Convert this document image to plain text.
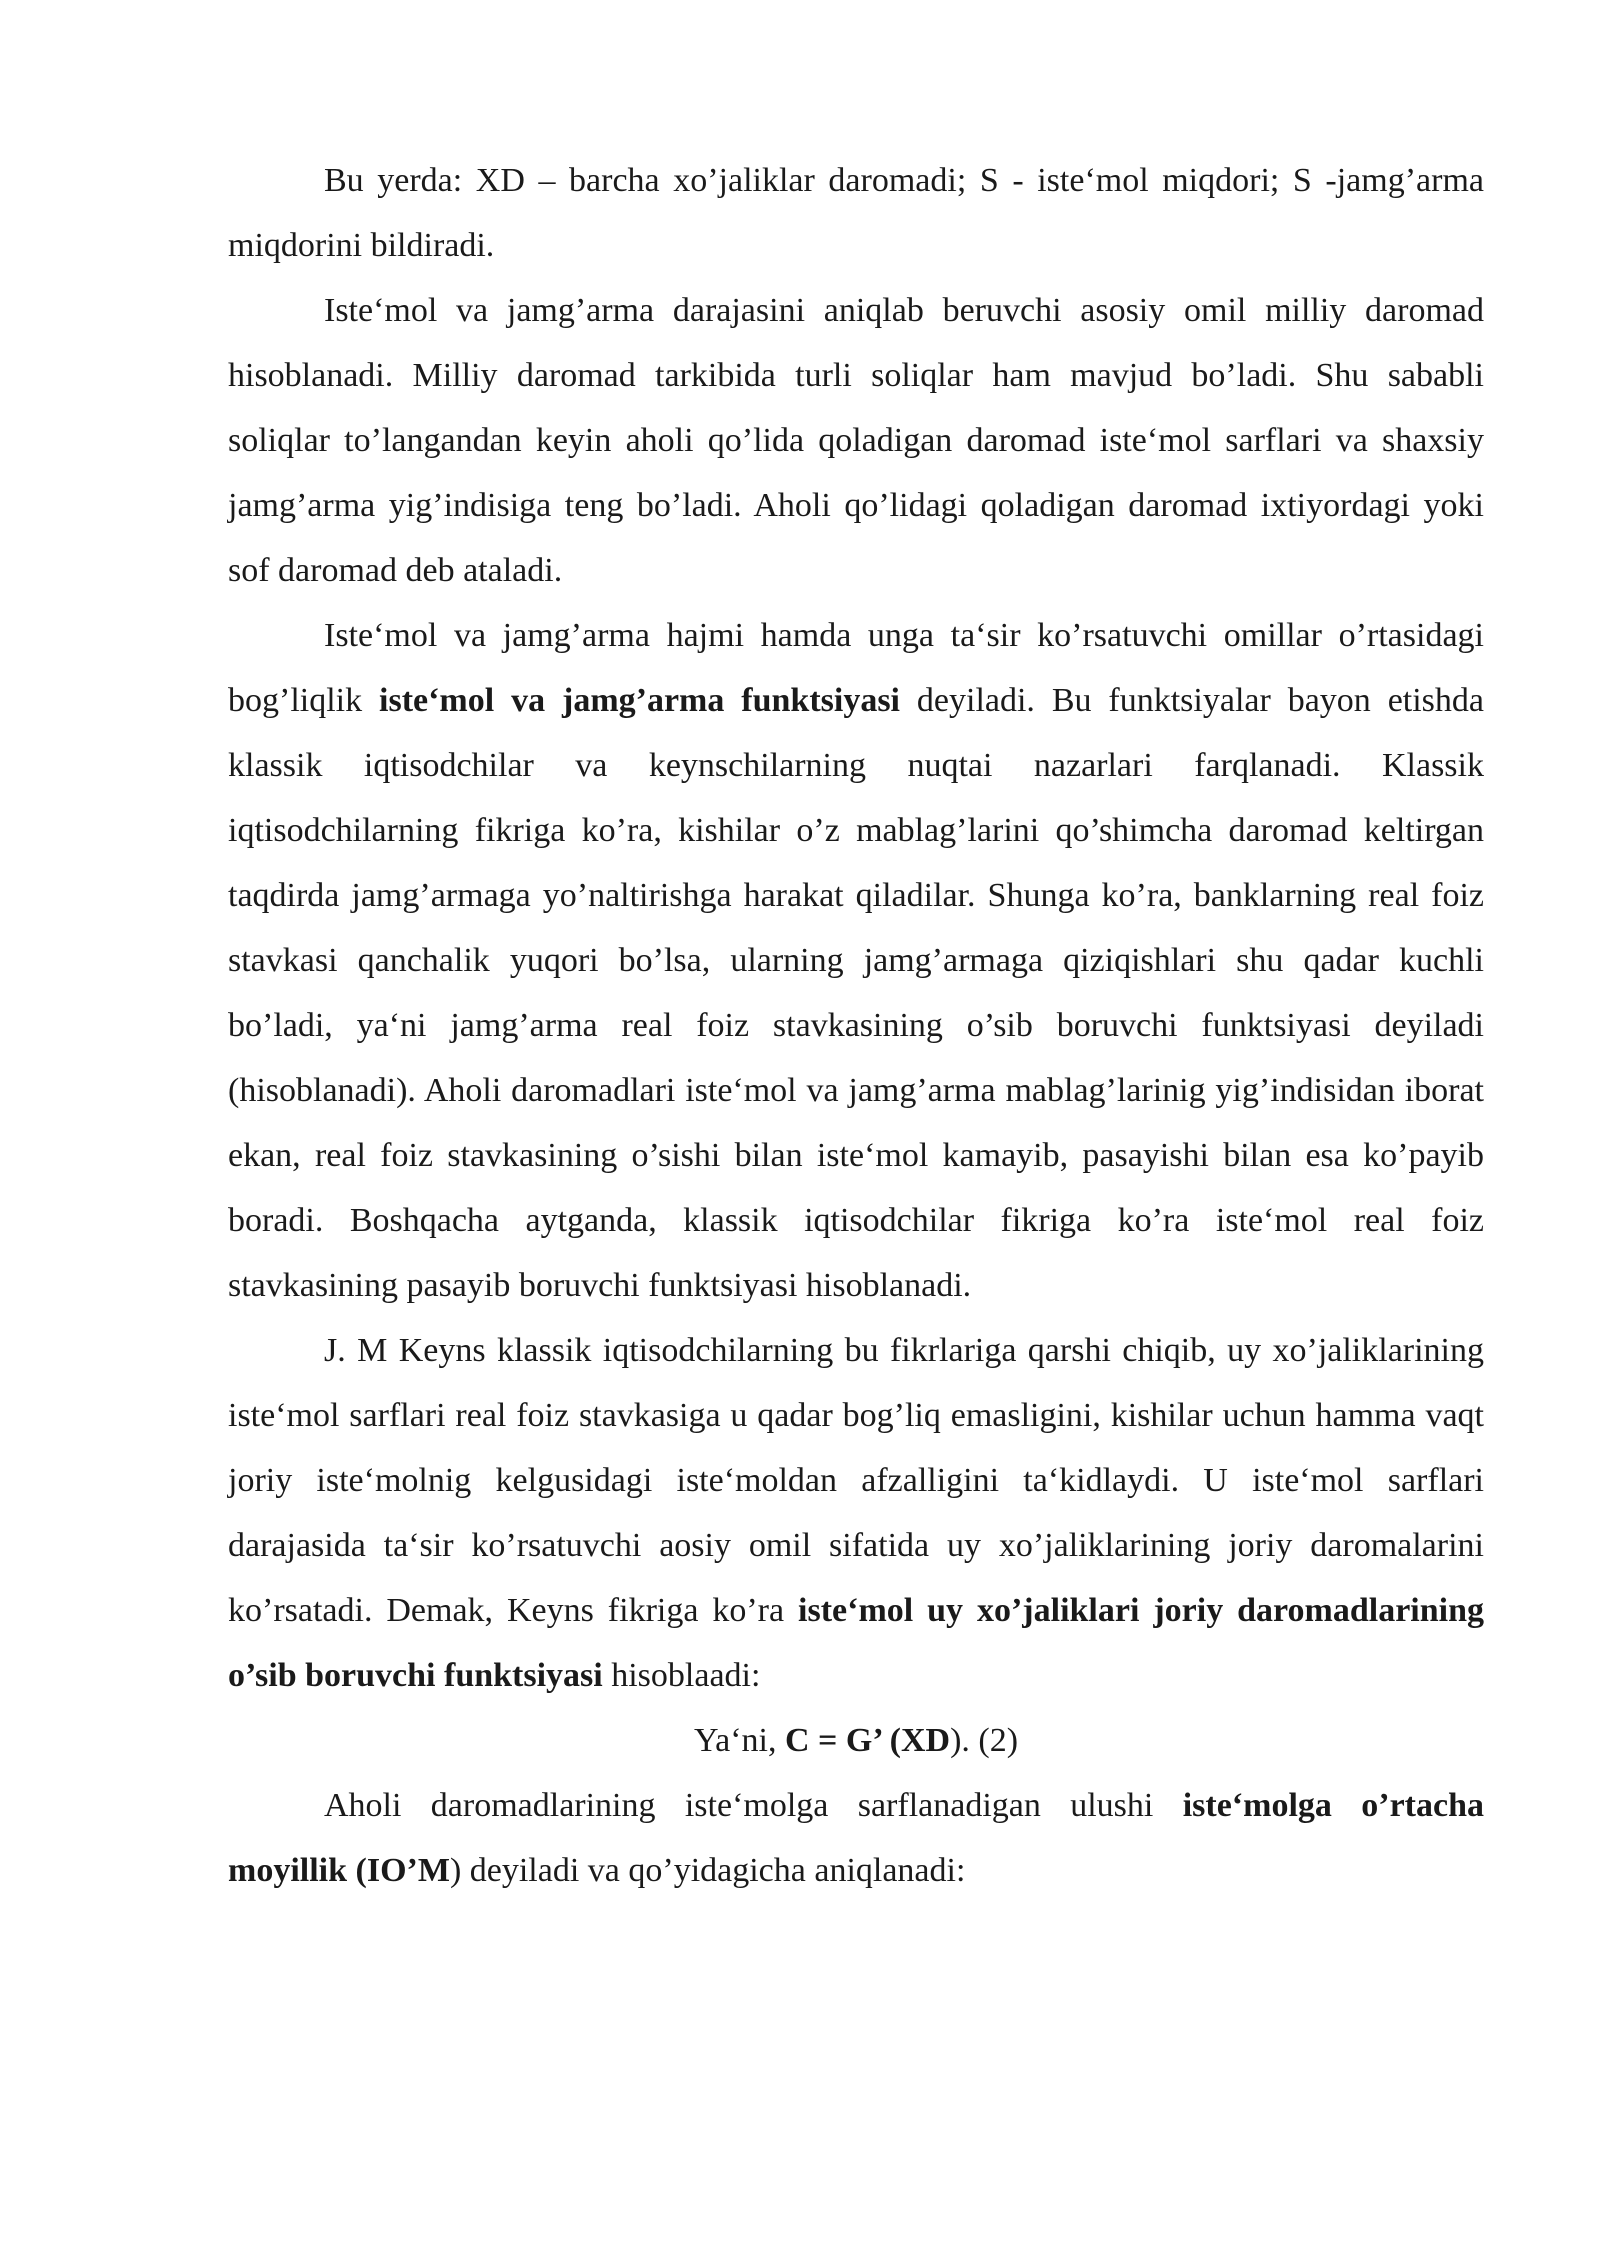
Bu yerda: XD – barcha xo’jaliklar daromadi; S - iste‘mol miqdori; S -jamg’arma miqdorini bildiradi.

Iste‘mol va jamg’arma darajasini aniqlab beruvchi asosiy omil milliy daromad hisoblanadi. Milliy daromad tarkibida turli soliqlar ham mavjud bo’ladi. Shu sababli soliqlar to’langandan keyin aholi qo’lida qoladigan daromad iste‘mol sarflari va shaxsiy jamg’arma yig’indisiga teng bo’ladi. Aholi qo’lidagi qoladigan daromad ixtiyordagi yoki sof daromad deb ataladi.

Iste‘mol va jamg’arma hajmi hamda unga ta‘sir ko’rsatuvchi omillar o’rtasidagi bog’liqlik iste‘mol va jamg’arma funktsiyasi deyiladi. Bu funktsiyalar bayon etishda klassik iqtisodchilar va keynschilarning nuqtai nazarlari farqlanadi. Klassik iqtisodchilarning fikriga ko’ra, kishilar o’z mablag’larini qo’shimcha daromad keltirgan taqdirda jamg’armaga yo’naltirishga harakat qiladilar. Shunga ko’ra, banklarning real foiz stavkasi qanchalik yuqori bo’lsa, ularning jamg’armaga qiziqishlari shu qadar kuchli bo’ladi, ya‘ni jamg’arma real foiz stavkasining o’sib boruvchi funktsiyasi deyiladi (hisoblanadi). Aholi daromadlari iste‘mol va jamg’arma mablag’larinig yig’indisidan iborat ekan, real foiz stavkasining o’sishi bilan iste‘mol kamayib, pasayishi bilan esa ko’payib boradi. Boshqacha aytganda, klassik iqtisodchilar fikriga ko’ra iste‘mol real foiz stavkasining pasayib boruvchi funktsiyasi hisoblanadi.

J. M Keyns klassik iqtisodchilarning bu fikrlariga qarshi chiqib, uy xo’jaliklarining iste‘mol sarflari real foiz stavkasiga u qadar bog’liq emasligini, kishilar uchun hamma vaqt joriy iste‘molnig kelgusidagi iste‘moldan afzalligini ta‘kidlaydi. U iste‘mol sarflari darajasida ta‘sir ko’rsatuvchi aosiy omil sifatida uy xo’jaliklarining joriy daromalarini ko’rsatadi. Demak, Keyns fikriga ko’ra iste‘mol uy xo’jaliklari joriy daromadlarining o’sib boruvchi funktsiyasi hisoblaadi:

Ya‘ni, C = G’ (XD). (2)

Aholi daromadlarining iste‘molga sarflanadigan ulushi iste‘molga o’rtacha moyillik (IO’M) deyiladi va qo’yidagicha aniqlanadi:
